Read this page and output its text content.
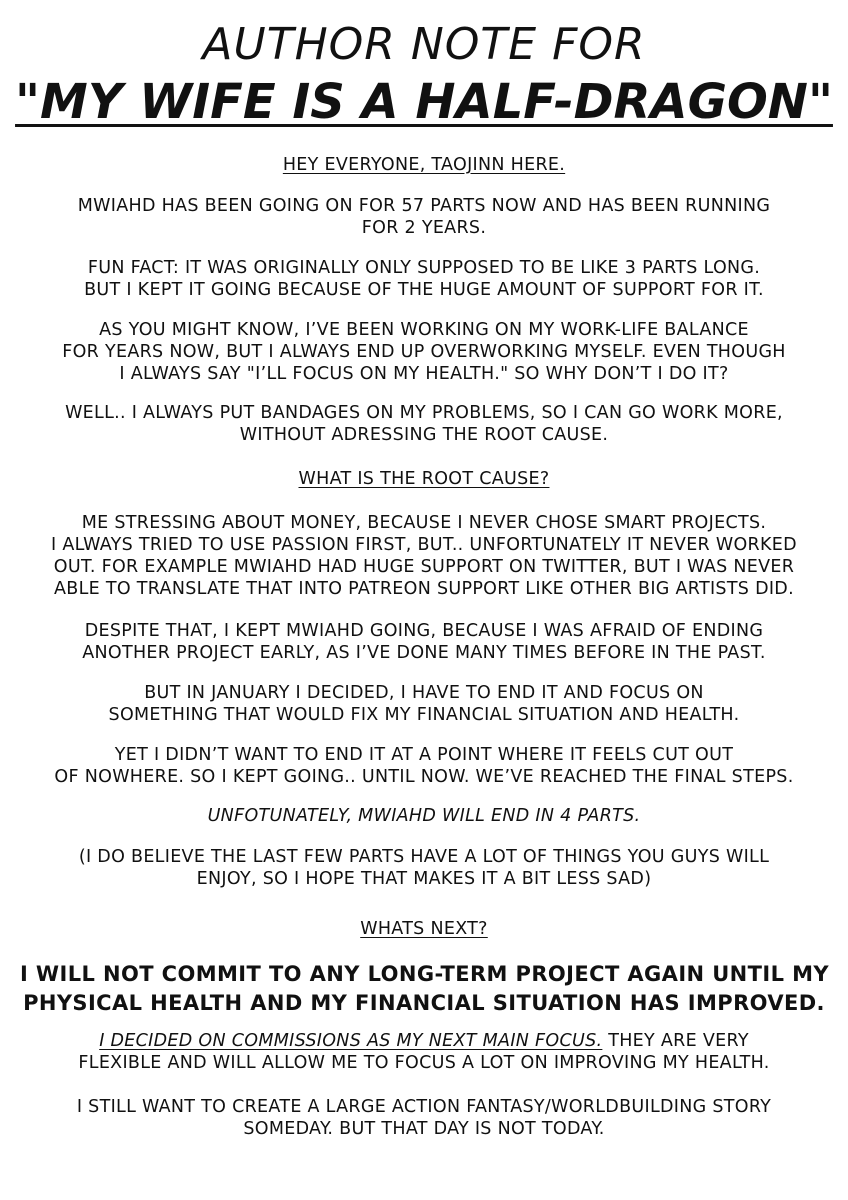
AUTHOR NOTE FOR
"MY WIFE IS A HALF-DRAGON"
HEY EVERYONE, TAOJINN HERE.
MWIAHD HAS BEEN GOING ON FOR 57 PARTS NOW AND HAS BEEN RUNNING
FOR 2 YEARS.
FUN FACT: IT WAS ORIGINALLY ONLY SUPPOSED TO BE LIKE 3 PARTS LONG.
BUT I KEPT IT GOING BECAUSE OF THE HUGE AMOUNT OF SUPPORT FOR IT.
AS YOU MIGHT KNOW, I’VE BEEN WORKING ON MY WORK-LIFE BALANCE
FOR YEARS NOW, BUT I ALWAYS END UP OVERWORKING MYSELF. EVEN THOUGH
I ALWAYS SAY "I’LL FOCUS ON MY HEALTH." SO WHY DON’T I DO IT?
WELL.. I ALWAYS PUT BANDAGES ON MY PROBLEMS, SO I CAN GO WORK MORE,
WITHOUT ADRESSING THE ROOT CAUSE.
WHAT IS THE ROOT CAUSE?
ME STRESSING ABOUT MONEY, BECAUSE I NEVER CHOSE SMART PROJECTS.
I ALWAYS TRIED TO USE PASSION FIRST, BUT.. UNFORTUNATELY IT NEVER WORKED
OUT. FOR EXAMPLE MWIAHD HAD HUGE SUPPORT ON TWITTER, BUT I WAS NEVER
ABLE TO TRANSLATE THAT INTO PATREON SUPPORT LIKE OTHER BIG ARTISTS DID.
DESPITE THAT, I KEPT MWIAHD GOING, BECAUSE I WAS AFRAID OF ENDING
ANOTHER PROJECT EARLY, AS I’VE DONE MANY TIMES BEFORE IN THE PAST.
BUT IN JANUARY I DECIDED, I HAVE TO END IT AND FOCUS ON
SOMETHING THAT WOULD FIX MY FINANCIAL SITUATION AND HEALTH.
YET I DIDN’T WANT TO END IT AT A POINT WHERE IT FEELS CUT OUT
OF NOWHERE. SO I KEPT GOING.. UNTIL NOW. WE’VE REACHED THE FINAL STEPS.
UNFOTUNATELY, MWIAHD WILL END IN 4 PARTS.
(I DO BELIEVE THE LAST FEW PARTS HAVE A LOT OF THINGS YOU GUYS WILL
ENJOY, SO I HOPE THAT MAKES IT A BIT LESS SAD)
WHATS NEXT?
I WILL NOT COMMIT TO ANY LONG-TERM PROJECT AGAIN UNTIL MY
PHYSICAL HEALTH AND MY FINANCIAL SITUATION HAS IMPROVED.
I DECIDED ON COMMISSIONS AS MY NEXT MAIN FOCUS. THEY ARE VERY
FLEXIBLE AND WILL ALLOW ME TO FOCUS A LOT ON IMPROVING MY HEALTH.
I STILL WANT TO CREATE A LARGE ACTION FANTASY/WORLDBUILDING STORY
SOMEDAY. BUT THAT DAY IS NOT TODAY.
